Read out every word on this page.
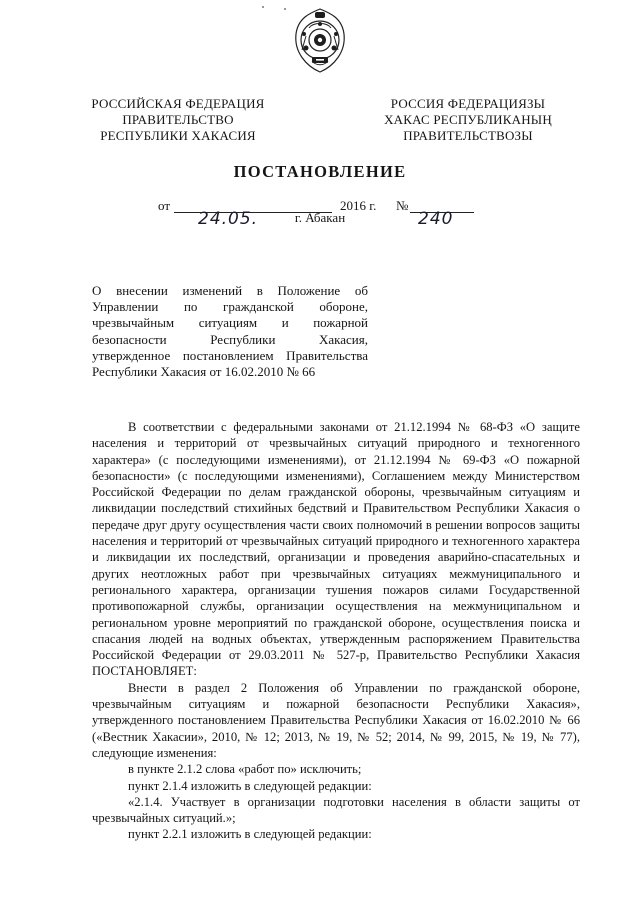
РОССИЙСКАЯ ФЕДЕРАЦИЯ
ПРАВИТЕЛЬСТВО
РЕСПУБЛИКИ ХАКАСИЯ
РОССИЯ ФЕДЕРАЦИЯЗЫ
ХАКАС РЕСПУБЛИКАНЫҢ
ПРАВИТЕЛЬСТВОЗЫ
ПОСТАНОВЛЕНИЕ
от
24.05.
2016 г. №
240
г. Абакан
О внесении изменений в Положение об Управлении по гражданской обороне, чрезвычайным ситуациям и пожарной безопасности Республики Хакасия, утвержденное постановлением Правительства Республики Хакасия от 16.02.2010 № 66

В соответствии с федеральными законами от 21.12.1994 № 68-ФЗ «О защите населения и территорий от чрезвычайных ситуаций природного и техногенного характера» (с последующими изменениями), от 21.12.1994 № 69-ФЗ «О пожарной безопасности» (с последующими изменениями), Соглашением между Министерством Российской Федерации по делам гражданской обороны, чрезвычайным ситуациям и ликвидации последствий стихийных бедствий и Правительством Республики Хакасия о передаче друг другу осуществления части своих полномочий в решении вопросов защиты населения и территорий от чрезвычайных ситуаций природного и техногенного характера и ликвидации их последствий, организации и проведения аварийно-спасательных и других неотложных работ при чрезвычайных ситуациях межмуниципального и регионального характера, организации тушения пожаров силами Государственной противопожарной службы, организации осуществления на межмуниципальном и региональном уровне мероприятий по гражданской обороне, осуществления поиска и спасания людей на водных объектах, утвержденным распоряжением Правительства Российской Федерации от 29.03.2011 № 527-р, Правительство Республики Хакасия ПОСТАНОВЛЯЕТ:

Внести в раздел 2 Положения об Управлении по гражданской обороне, чрезвычайным ситуациям и пожарной безопасности Республики Хакасия», утвержденного постановлением Правительства Республики Хакасия от 16.02.2010 № 66 («Вестник Хакасии», 2010, № 12; 2013, № 19, № 52; 2014, № 99, 2015, № 19, № 77), следующие изменения:

в пункте 2.1.2 слова «работ по» исключить;

пункт 2.1.4 изложить в следующей редакции:

«2.1.4. Участвует в организации подготовки населения в области защиты от чрезвычайных ситуаций.»;

пункт 2.2.1 изложить в следующей редакции:
